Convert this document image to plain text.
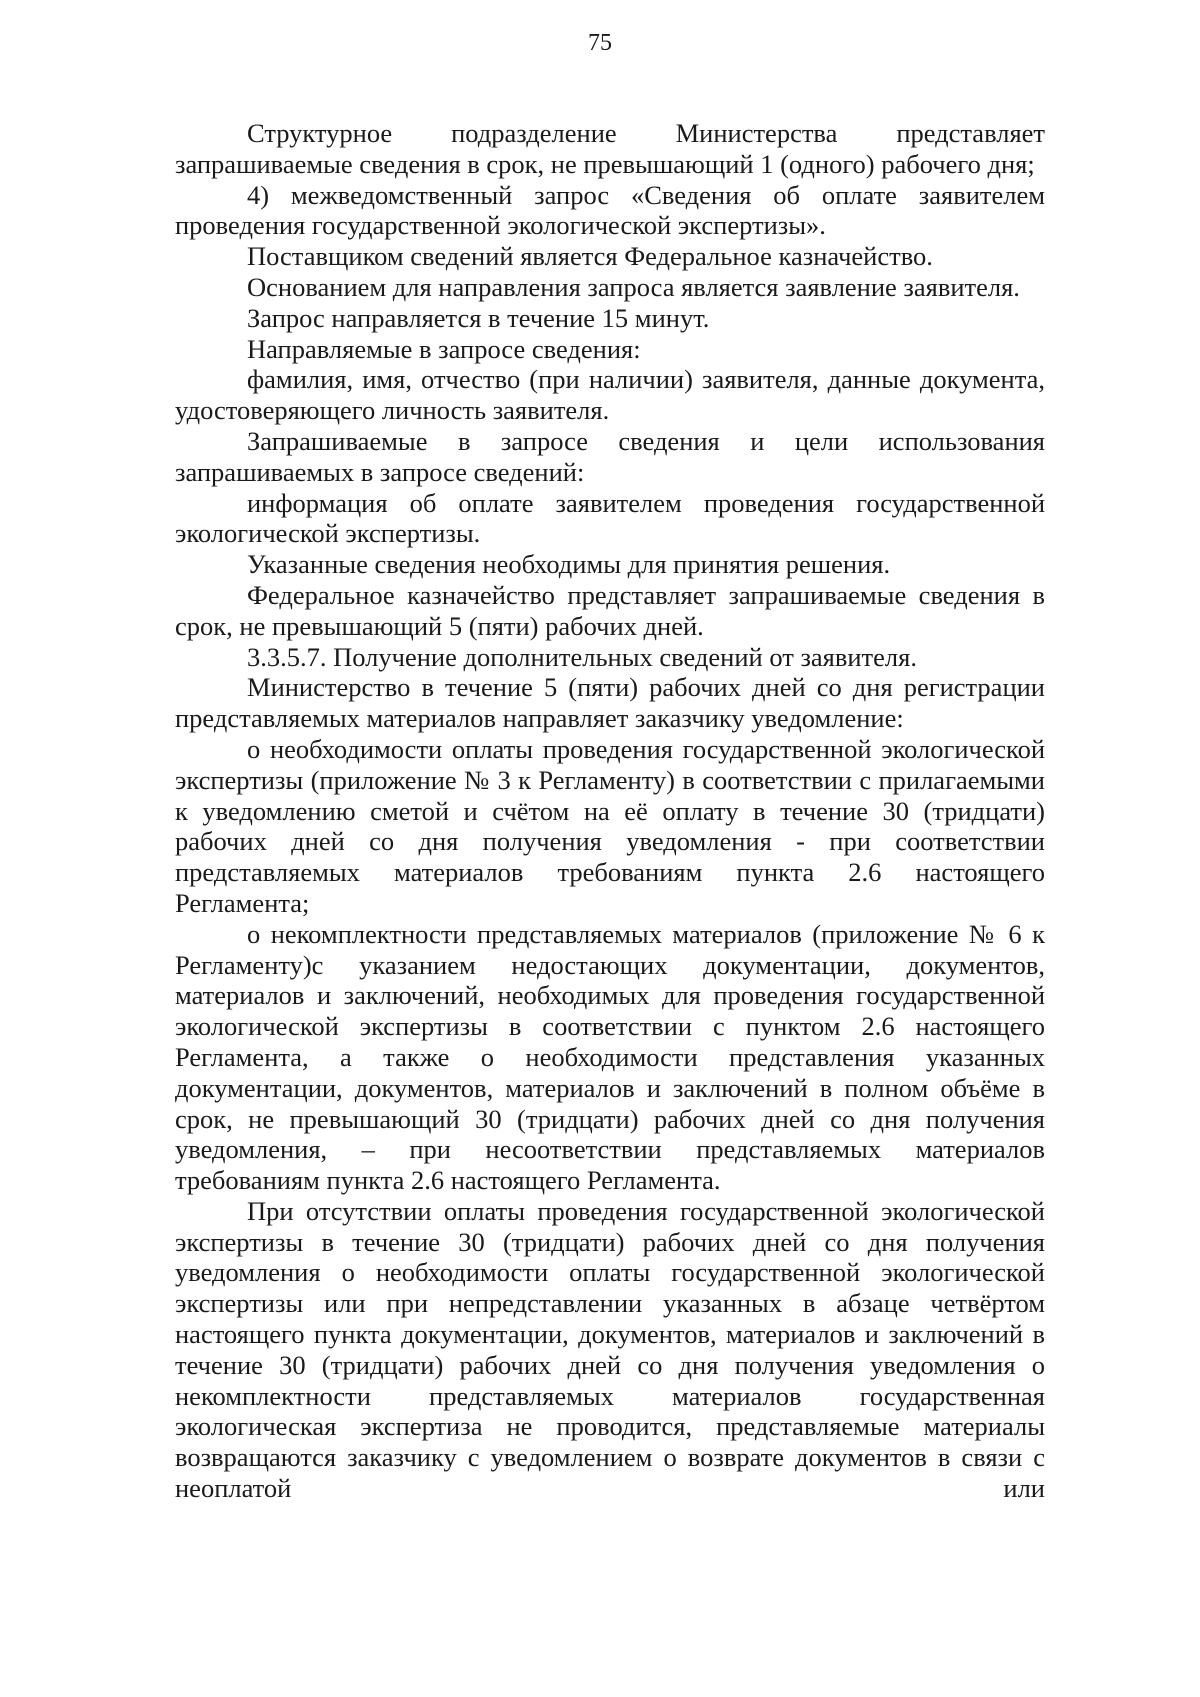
75

Структурное подразделение Министерства представляет запрашиваемые сведения в срок, не превышающий 1 (одного) рабочего дня;

4) межведомственный запрос «Сведения об оплате заявителем проведения государственной экологической экспертизы».

Поставщиком сведений является Федеральное казначейство.

Основанием для направления запроса является заявление заявителя.

Запрос направляется в течение 15 минут.

Направляемые в запросе сведения:

фамилия, имя, отчество (при наличии) заявителя, данные документа, удостоверяющего личность заявителя.

Запрашиваемые в запросе сведения и цели использования запрашиваемых в запросе сведений:

информация об оплате заявителем проведения государственной экологической экспертизы.

Указанные сведения необходимы для принятия решения.

Федеральное казначейство представляет запрашиваемые сведения в срок, не превышающий 5 (пяти) рабочих дней.

3.3.5.7. Получение дополнительных сведений от заявителя.

Министерство в течение 5 (пяти) рабочих дней со дня регистрации представляемых материалов направляет заказчику уведомление:

о необходимости оплаты проведения государственной экологической экспертизы (приложение № 3 к Регламенту) в соответствии с прилагаемыми к уведомлению сметой и счётом на её оплату в течение 30 (тридцати) рабочих дней со дня получения уведомления - при соответствии представляемых материалов требованиям пункта 2.6 настоящего Регламента;

о некомплектности представляемых материалов (приложение № 6 к Регламенту)с указанием недостающих документации, документов, материалов и заключений, необходимых для проведения государственной экологической экспертизы в соответствии с пунктом 2.6 настоящего Регламента, а также о необходимости представления указанных документации, документов, материалов и заключений в полном объёме в срок, не превышающий 30 (тридцати) рабочих дней со дня получения уведомления, – при несоответствии представляемых материалов требованиям пункта 2.6 настоящего Регламента.

При отсутствии оплаты проведения государственной экологической экспертизы в течение 30 (тридцати) рабочих дней со дня получения уведомления о необходимости оплаты государственной экологической экспертизы или при непредставлении указанных в абзаце четвёртом настоящего пункта документации, документов, материалов и заключений в течение 30 (тридцати) рабочих дней со дня получения уведомления о некомплектности представляемых материалов государственная экологическая экспертиза не проводится, представляемые материалы возвращаются заказчику с уведомлением о возврате документов в связи с неоплатой или
